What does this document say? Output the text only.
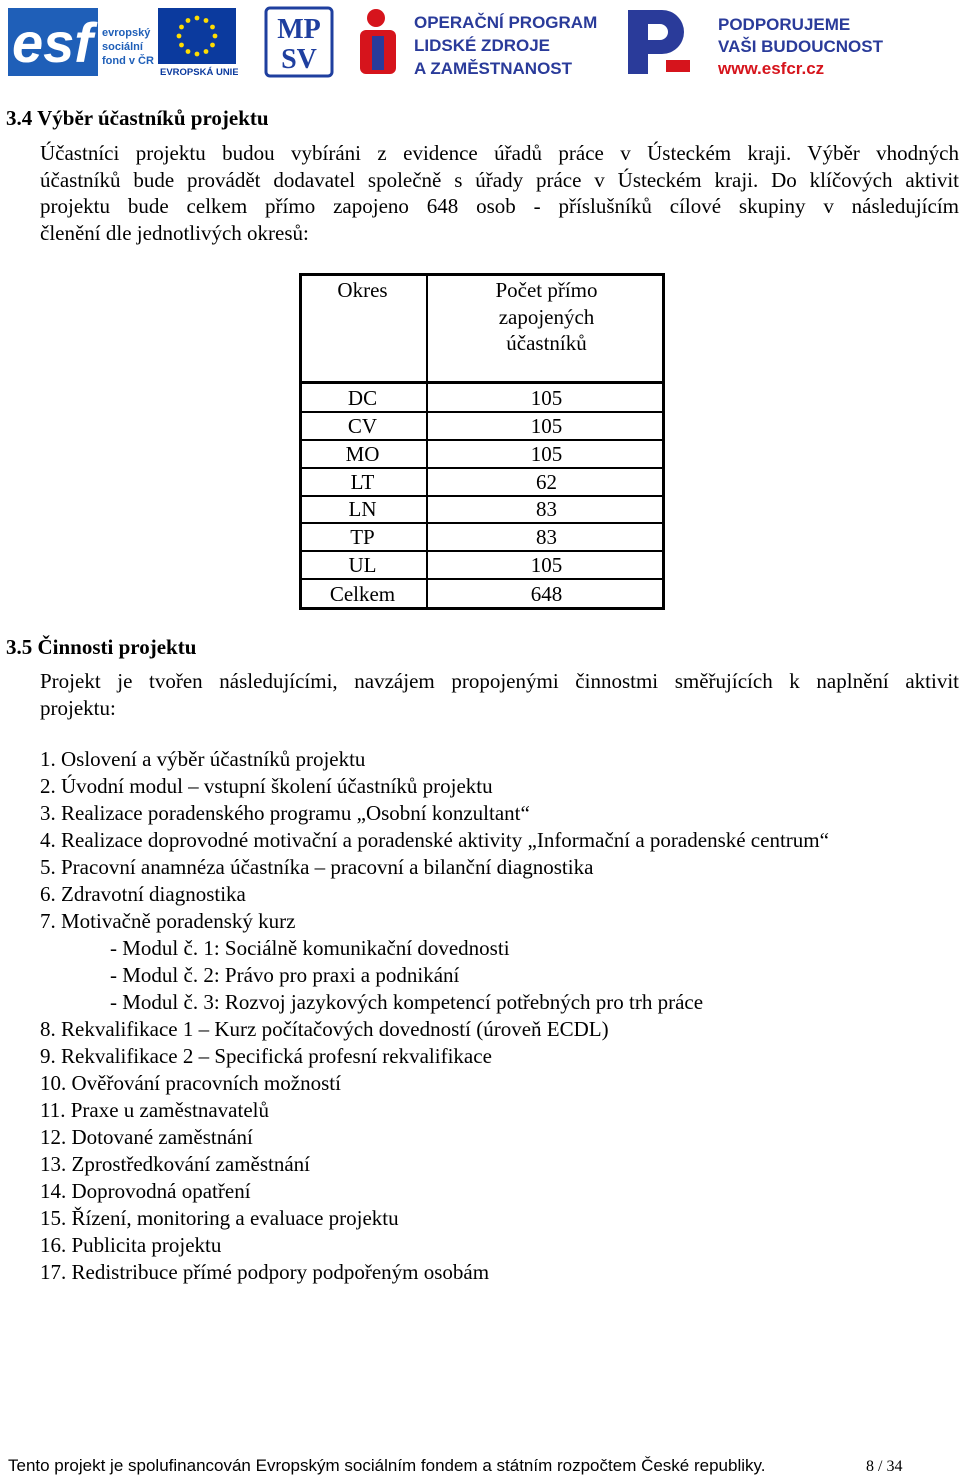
esf evropský
sociální
fond v ČR
EVROPSKÁ UNIE
MP
SV
OPERAČNÍ PROGRAM
LIDSKÉ ZDROJE
A ZAMĚSTNANOST
PODPORUJEME
VAŠI BUDOUCNOST
www.esfcr.cz
3.4 Výběr účastníků projektu
Účastníci projektu budou vybíráni z evidence úřadů práce v Ústeckém kraji. Výběr vhodných
účastníků bude provádět dodavatel společně s úřady práce v Ústeckém kraji. Do klíčových aktivit
projektu bude celkem přímo zapojeno 648 osob - příslušníků cílové skupiny v následujícím
členění dle jednotlivých okresů:
Okres	Počet přímo
zapojených
účastníků
DC	105
CV	105
MO	105
LT	62
LN	83
TP	83
UL	105
Celkem	648
3.5 Činnosti projektu
Projekt je tvořen následujícími, navzájem propojenými činnostmi směřujících k naplnění aktivit
projektu:
1. Oslovení a výběr účastníků projektu
2. Úvodní modul – vstupní školení účastníků projektu
3. Realizace poradenského programu „Osobní konzultant“
4. Realizace doprovodné motivační a poradenské aktivity „Informační a poradenské centrum“
5. Pracovní anamnéza účastníka – pracovní a bilanční diagnostika
6. Zdravotní diagnostika
7. Motivačně poradenský kurz
- Modul č. 1: Sociálně komunikační dovednosti
- Modul č. 2: Právo pro praxi a podnikání
- Modul č. 3: Rozvoj jazykových kompetencí potřebných pro trh práce
8. Rekvalifikace 1 – Kurz počítačových dovedností (úroveň ECDL)
9. Rekvalifikace 2 – Specifická profesní rekvalifikace
10. Ověřování pracovních možností
11. Praxe u zaměstnavatelů
12. Dotované zaměstnání
13. Zprostředkování zaměstnání
14. Doprovodná opatření
15. Řízení, monitoring a evaluace projektu
16. Publicita projektu
17. Redistribuce přímé podpory podpořeným osobám
Tento projekt je spolufinancován Evropským sociálním fondem a státním rozpočtem České republiky.	8 / 34
